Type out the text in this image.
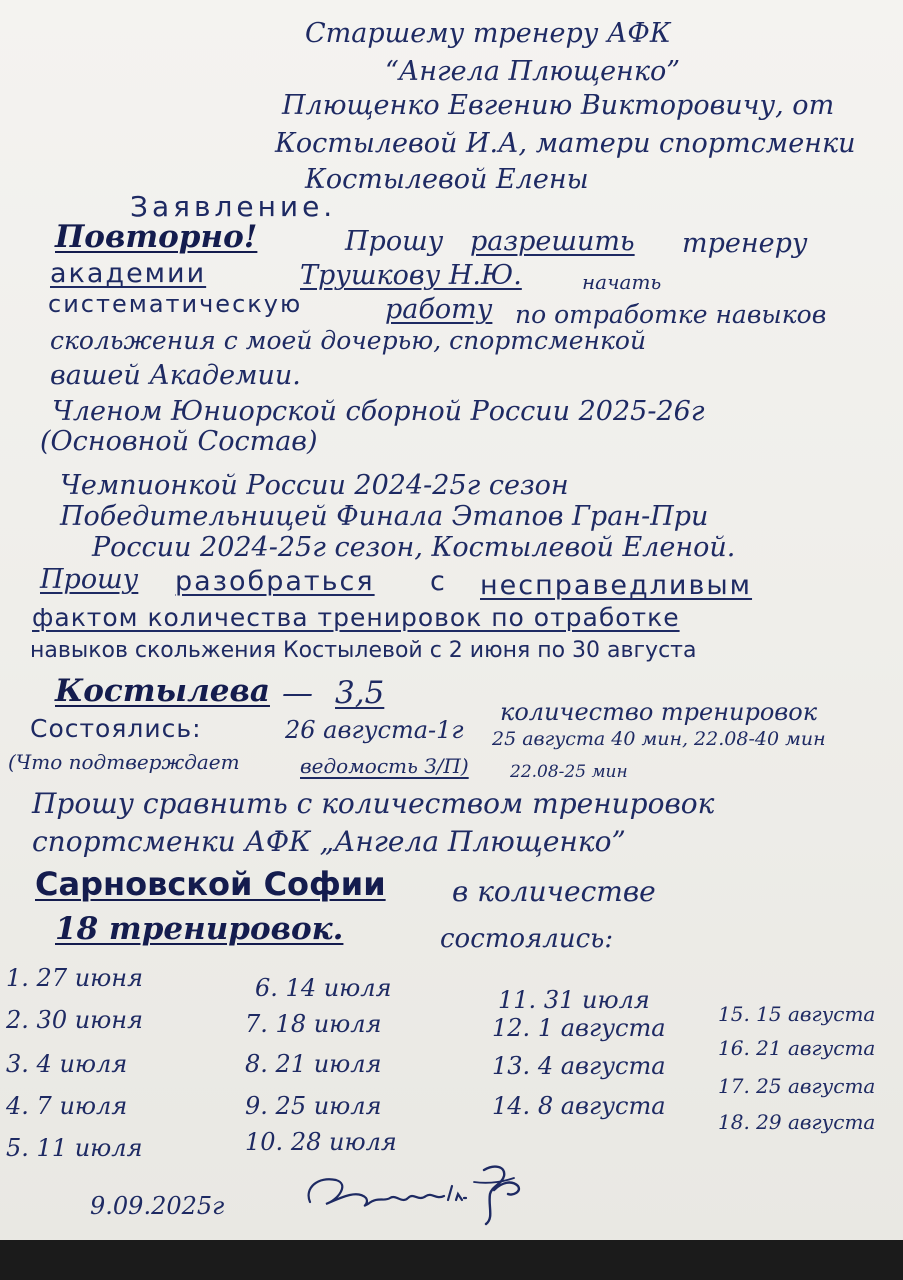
Старшему тренеру АФК
“Ангела Плющенко”
Плющенко Евгению Викторовичу, от
Костылевой И.А, матери спортсменки
Костылевой Елены
Заявление.
Повторно!	Прошу разрешить тренеру
академии	Трушкову Н.Ю.	начать
систематическую	работу по отработке навыков
скольжения с моей дочерью, спортсменкой
вашей Академии.
Членом Юниорской сборной России 2025-26г
(Основной Состав)
Чемпионкой России 2024-25г сезон
Победительницей Финала Этапов Гран-При
России 2024-25г сезон, Костылевой Еленой.
Прошу разобраться с несправедливым
фактом количества тренировок по отработке
навыков скольжения Костылевой с 2 июня по 30 августа
Костылева — 3,5
количество тренировок
Состоялись:	26 августа-1г 25 августа 40 мин, 22.08-40 мин
(Что подтверждает	ведомость З/П) 22.08-25 мин
Прошу сравнить с количеством тренировок
спортсменки АФК „Ангела Плющенко”
Сарновской Софии в количестве
18 тренировок.	состоялись:
1. 27 июня
2. 30 июня
3. 4 июля
4. 7 июля
5. 11 июля
6. 14 июля
7. 18 июля
8. 21 июля
9. 25 июля
10. 28 июля
11. 31 июля
12. 1 августа
13. 4 августа
14. 8 августа
15. 15 августа
16. 21 августа
17. 25 августа
18. 29 августа
9.09.2025г
